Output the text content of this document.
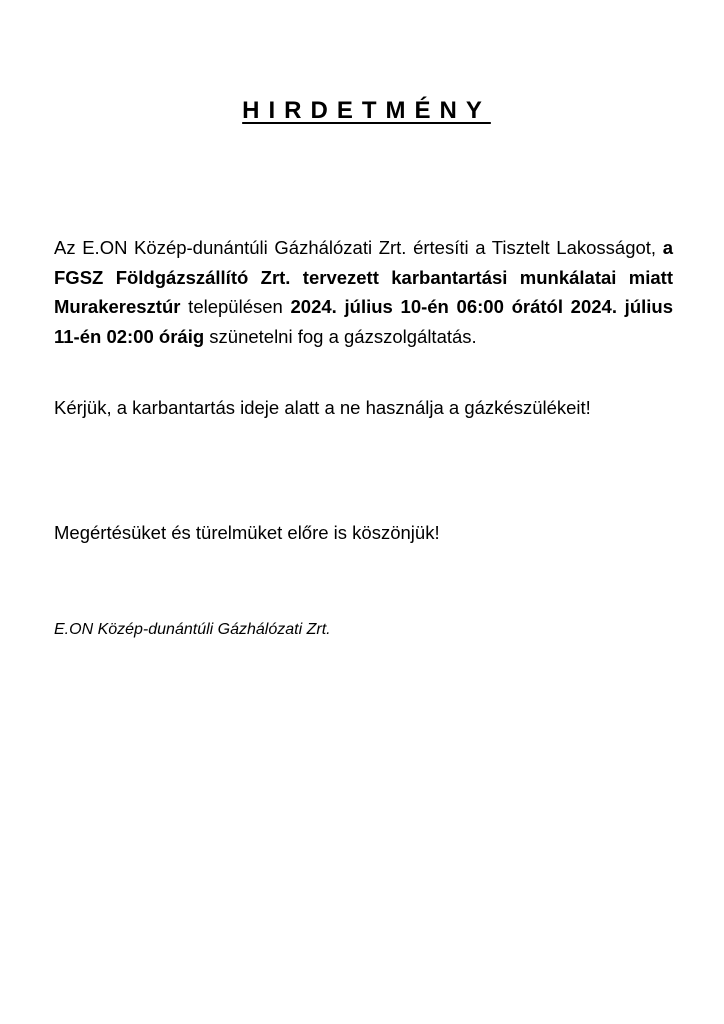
HIRDETMÉNY
Az E.ON Közép-dunántúli Gázhálózati Zrt. értesíti a Tisztelt Lakosságot, a FGSZ Földgázszállító Zrt. tervezett karbantartási munkálatai miatt Murakeresztúr településen 2024. július 10-én 06:00 órától 2024. július 11-én 02:00 óráig szünetelni fog a gázszolgáltatás.
Kérjük, a karbantartás ideje alatt a ne használja a gázkészülékeit!
Megértésüket és türelmüket előre is köszönjük!
E.ON Közép-dunántúli Gázhálózati Zrt.
